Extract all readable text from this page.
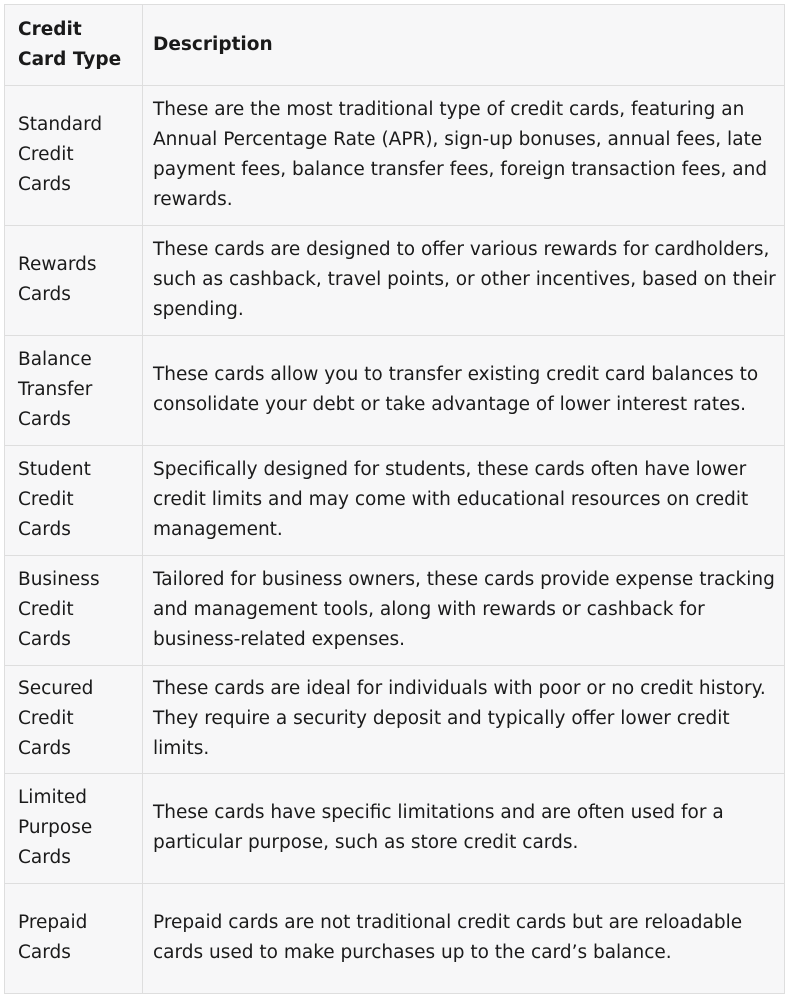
Credit Card Type	Description
Standard Credit Cards	These are the most traditional type of credit cards, featuring an Annual Percentage Rate (APR), sign-up bonuses, annual fees, late payment fees, balance transfer fees, foreign transaction fees, and rewards.
Rewards Cards	These cards are designed to offer various rewards for cardholders, such as cashback, travel points, or other incentives, based on their spending.
Balance Transfer Cards	These cards allow you to transfer existing credit card balances to consolidate your debt or take advantage of lower interest rates.
Student Credit Cards	Specifically designed for students, these cards often have lower credit limits and may come with educational resources on credit management.
Business Credit Cards	Tailored for business owners, these cards provide expense tracking and management tools, along with rewards or cashback for business-related expenses.
Secured Credit Cards	These cards are ideal for individuals with poor or no credit history. They require a security deposit and typically offer lower credit limits.
Limited Purpose Cards	These cards have specific limitations and are often used for a particular purpose, such as store credit cards.
Prepaid Cards	Prepaid cards are not traditional credit cards but are reloadable cards used to make purchases up to the card’s balance.
